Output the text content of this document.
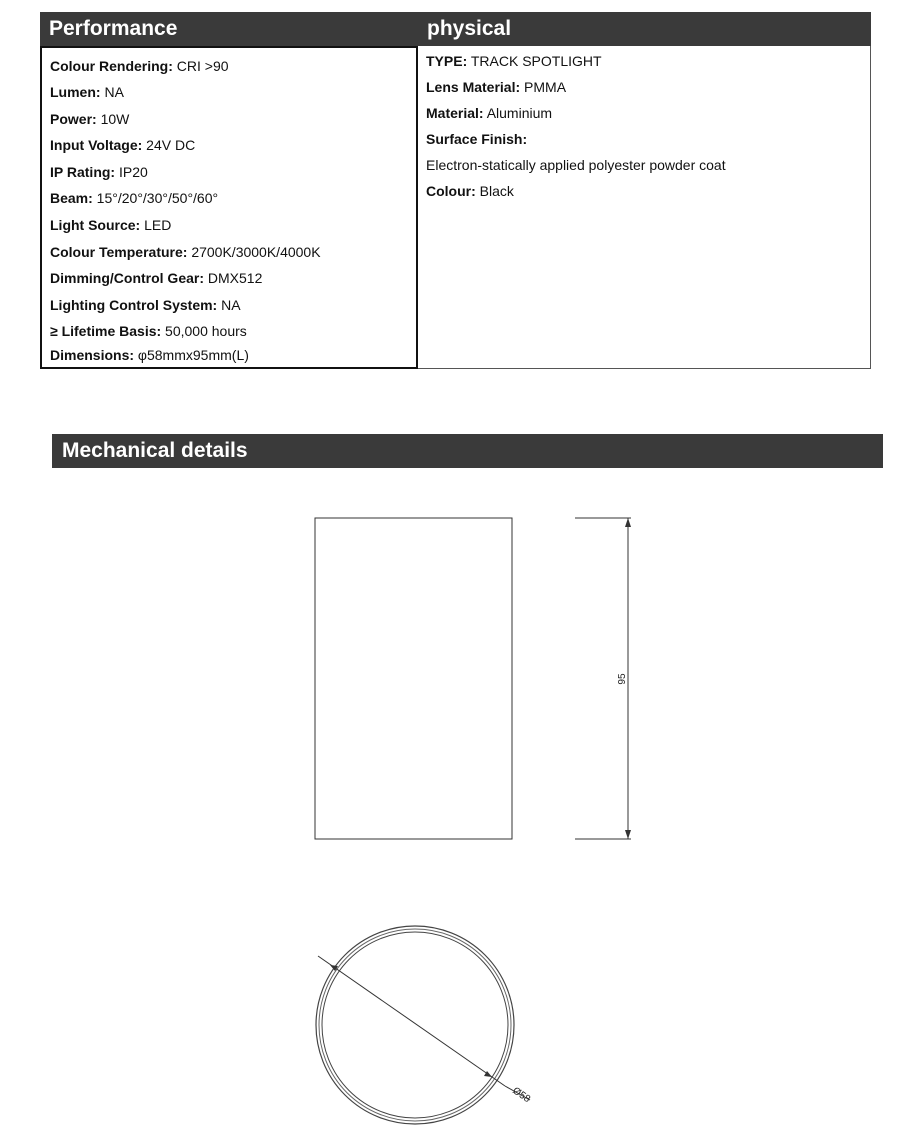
Performance
Colour Rendering: CRI >90
Lumen: NA
Power: 10W
Input Voltage: 24V DC
IP Rating: IP20
Beam: 15°/20°/30°/50°/60°
Light Source: LED
Colour Temperature: 2700K/3000K/4000K
Dimming/Control Gear: DMX512
Lighting Control System: NA
≥ Lifetime Basis: 50,000 hours
Dimensions: φ58mmx95mm(L)
physical
TYPE: TRACK SPOTLIGHT
Lens Material: PMMA
Material: Aluminium
Surface Finish:
Electron-statically applied polyester powder coat
Colour: Black
Mechanical details
95
Ø58
